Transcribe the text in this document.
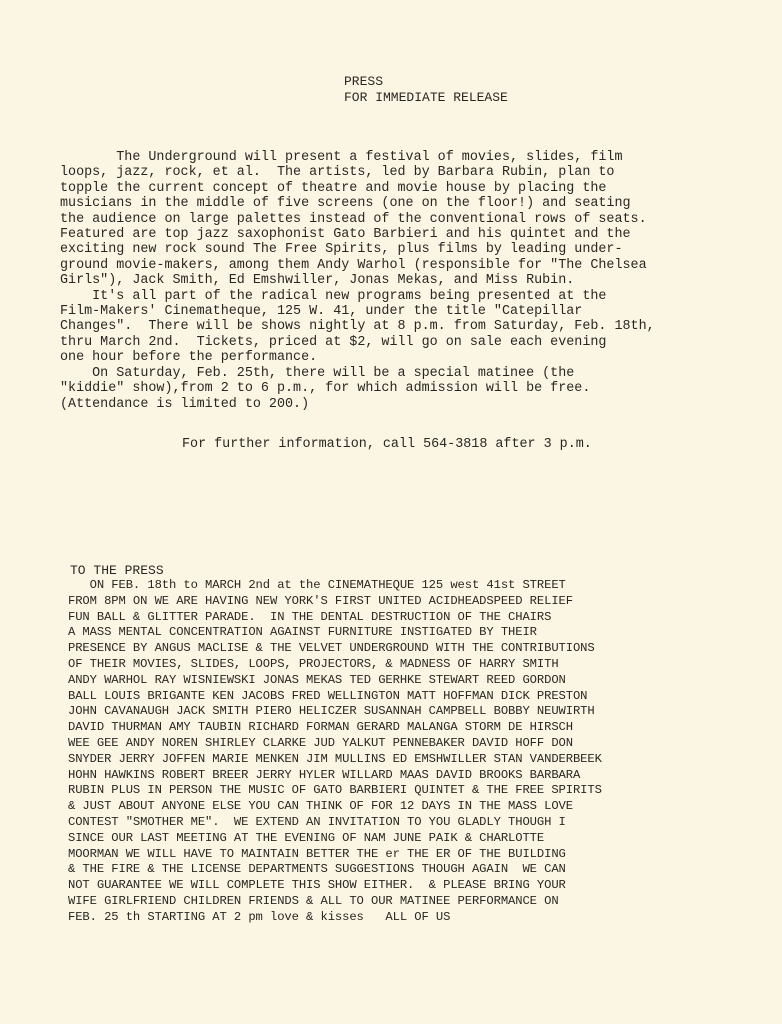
PRESS
FOR IMMEDIATE RELEASE
The Underground will present a festival of movies, slides, film
loops, jazz, rock, et al.  The artists, led by Barbara Rubin, plan to
topple the current concept of theatre and movie house by placing the
musicians in the middle of five screens (one on the floor!) and seating
the audience on large palettes instead of the conventional rows of seats.
Featured are top jazz saxophonist Gato Barbieri and his quintet and the
exciting new rock sound The Free Spirits, plus films by leading under-
ground movie-makers, among them Andy Warhol (responsible for "The Chelsea
Girls"), Jack Smith, Ed Emshwiller, Jonas Mekas, and Miss Rubin.
It's all part of the radical new programs being presented at the
Film-Makers' Cinematheque, 125 W. 41, under the title "Catepillar
Changes".  There will be shows nightly at 8 p.m. from Saturday, Feb. 18th,
thru March 2nd.  Tickets, priced at $2, will go on sale each evening
one hour before the performance.
On Saturday, Feb. 25th, there will be a special matinee (the
"kiddie" show),from 2 to 6 p.m., for which admission will be free.
(Attendance is limited to 200.)
For further information, call 564-3818 after 3 p.m.
TO THE PRESS
ON FEB. 18th to MARCH 2nd at the CINEMATHEQUE 125 west 41st STREET
FROM 8PM ON WE ARE HAVING NEW YORK'S FIRST UNITED ACIDHEADSPEED RELIEF
FUN BALL & GLITTER PARADE.  IN THE DENTAL DESTRUCTION OF THE CHAIRS
A MASS MENTAL CONCENTRATION AGAINST FURNITURE INSTIGATED BY THEIR
PRESENCE BY ANGUS MACLISE & THE VELVET UNDERGROUND WITH THE CONTRIBUTIONS
OF THEIR MOVIES, SLIDES, LOOPS, PROJECTORS, & MADNESS OF HARRY SMITH
ANDY WARHOL RAY WISNIEWSKI JONAS MEKAS TED GERHKE STEWART REED GORDON
BALL LOUIS BRIGANTE KEN JACOBS FRED WELLINGTON MATT HOFFMAN DICK PRESTON
JOHN CAVANAUGH JACK SMITH PIERO HELICZER SUSANNAH CAMPBELL BOBBY NEUWIRTH
DAVID THURMAN AMY TAUBIN RICHARD FORMAN GERARD MALANGA STORM DE HIRSCH
WEE GEE ANDY NOREN SHIRLEY CLARKE JUD YALKUT PENNEBAKER DAVID HOFF DON
SNYDER JERRY JOFFEN MARIE MENKEN JIM MULLINS ED EMSHWILLER STAN VANDERBEEK
HOHN HAWKINS ROBERT BREER JERRY HYLER WILLARD MAAS DAVID BROOKS BARBARA
RUBIN PLUS IN PERSON THE MUSIC OF GATO BARBIERI QUINTET & THE FREE SPIRITS
& JUST ABOUT ANYONE ELSE YOU CAN THINK OF FOR 12 DAYS IN THE MASS LOVE
CONTEST "SMOTHER ME".  WE EXTEND AN INVITATION TO YOU GLADLY THOUGH I
SINCE OUR LAST MEETING AT THE EVENING OF NAM JUNE PAIK & CHARLOTTE
MOORMAN WE WILL HAVE TO MAINTAIN BETTER THE er THE ER OF THE BUILDING
& THE FIRE & THE LICENSE DEPARTMENTS SUGGESTIONS THOUGH AGAIN  WE CAN
NOT GUARANTEE WE WILL COMPLETE THIS SHOW EITHER.  & PLEASE BRING YOUR
WIFE GIRLFRIEND CHILDREN FRIENDS & ALL TO OUR MATINEE PERFORMANCE ON
FEB. 25 th STARTING AT 2 pm love & kisses   ALL OF US
